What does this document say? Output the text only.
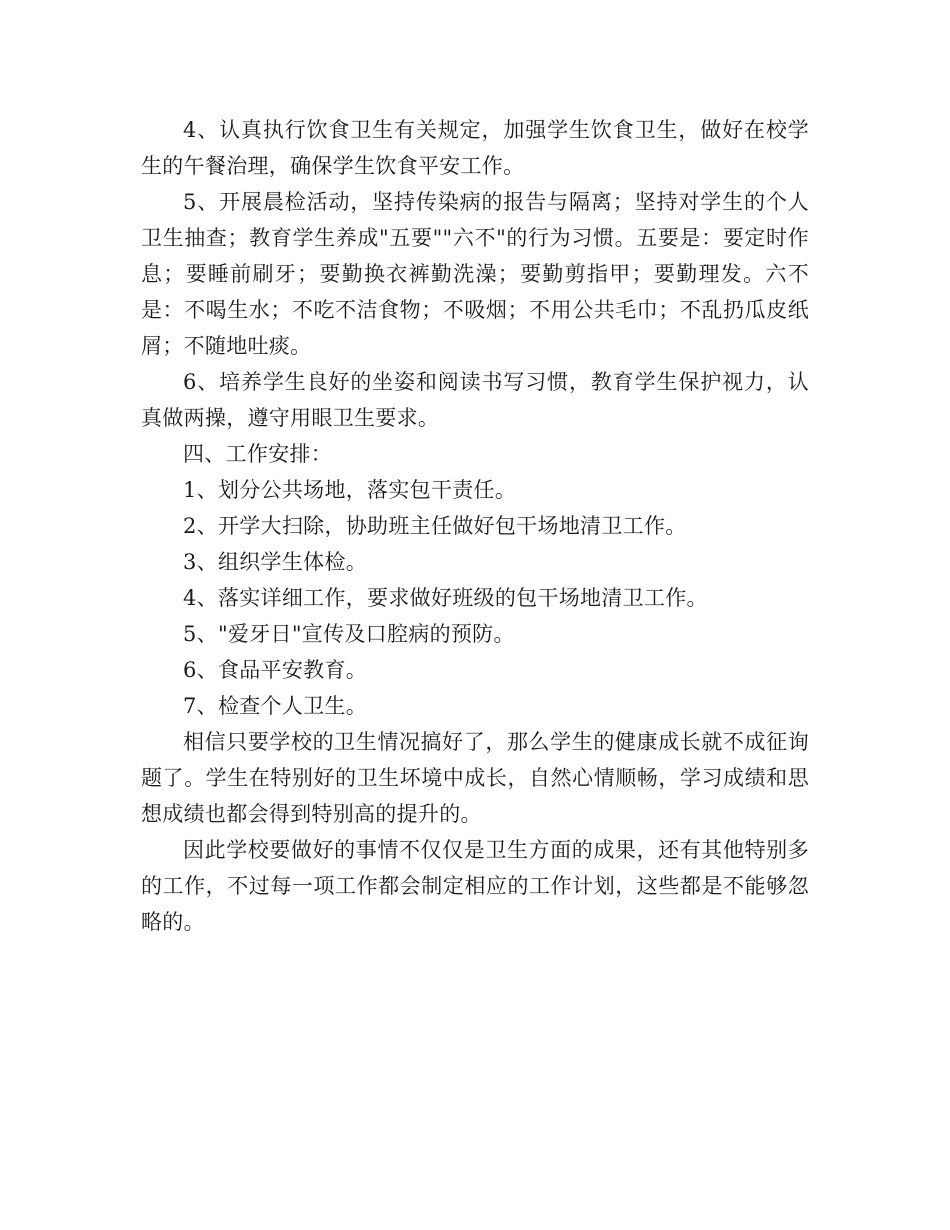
4、认真执行饮食卫生有关规定，加强学生饮食卫生，做好在校学生的午餐治理，确保学生饮食平安工作。

5、开展晨检活动，坚持传染病的报告与隔离；坚持对学生的个人卫生抽查；教育学生养成"五要""六不"的行为习惯。五要是：要定时作息；要睡前刷牙；要勤换衣裤勤洗澡；要勤剪指甲；要勤理发。六不是：不喝生水；不吃不洁食物；不吸烟；不用公共毛巾；不乱扔瓜皮纸屑；不随地吐痰。

6、培养学生良好的坐姿和阅读书写习惯，教育学生保护视力，认真做两操，遵守用眼卫生要求。

四、工作安排：

1、划分公共场地，落实包干责任。

2、开学大扫除，协助班主任做好包干场地清卫工作。

3、组织学生体检。

4、落实详细工作，要求做好班级的包干场地清卫工作。

5、"爱牙日"宣传及口腔病的预防。

6、食品平安教育。

7、检查个人卫生。

相信只要学校的卫生情况搞好了，那么学生的健康成长就不成征询题了。学生在特别好的卫生坏境中成长，自然心情顺畅，学习成绩和思想成绩也都会得到特别高的提升的。

因此学校要做好的事情不仅仅是卫生方面的成果，还有其他特别多的工作，不过每一项工作都会制定相应的工作计划，这些都是不能够忽略的。
